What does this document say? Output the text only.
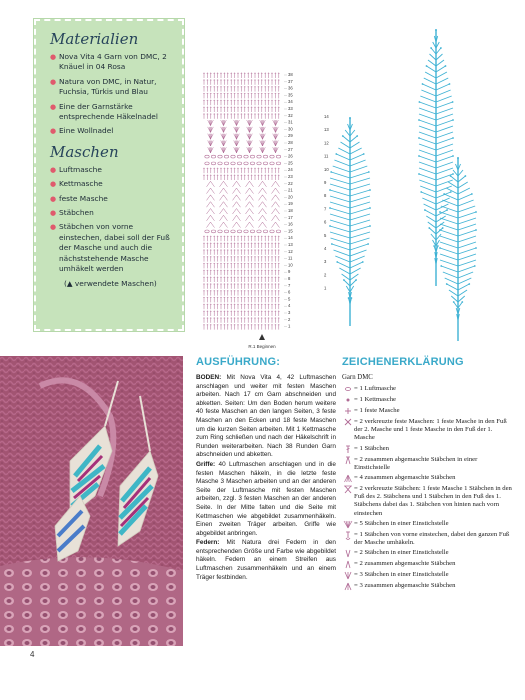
Materialien
● Nova Vita 4 Garn von DMC, 2 Knäuel in 04 Rosa
● Natura von DMC, in Natur, Fuchsia, Türkis und Blau
● Eine der Garnstärke entsprechende Häkelnadel
● Eine Wollnadel
Maschen
● Luftmasche
● Kettmasche
● feste Masche
● Stäbchen
● Stäbchen von vorne einstechen, dabei soll der Fuß der Masche und auch die nächststehende Masche umhäkelt werden
(▲ verwendete Maschen)
38
37
36
35
34
33
32
31
30
29
28
27
26
25
24
23
22
21
20
19
18
17
16
15
14
13
12
11
10
9
8
7
6
5
4
3
2
1
R.1 Beginnen
14
13
12
11
10
9
8
7
6
5
4
3
2
1
AUSFÜHRUNG:

BODEN: Mit Nova Vita 4, 42 Luftmaschen anschlagen und weiter mit festen Maschen arbeiten. Nach 17 cm Garn abschneiden und abketten. Seiten: Um den Boden herum weitere 40 feste Maschen an den langen Seiten, 3 feste Maschen an den Ecken und 18 feste Maschen um die kurzen Seiten arbeiten. Mit 1 Kettmasche zum Ring schließen und nach der Häkelschrift in Runden weiterarbeiten. Nach 38 Runden Garn abschneiden und abketten.

Griffe: 40 Luftmaschen anschlagen und in die festen Maschen häkeln, in die letzte feste Masche 3 Maschen arbeiten und an der anderen Seite der Luftmasche mit festen Maschen arbeiten, zzgl. 3 festen Maschen an der anderen Seite. In der Mitte falten und die Seite mit Kettmaschen wie abgebildet zusammenhäkeln. Einen zweiten Träger arbeiten. Griffe wie abgebildet anbringen.

Federn: Mit Natura drei Federn in den entsprechenden Größe und Farbe wie abgebildet häkeln. Federn an einem Streifen aus Luftmaschen zusammenhäkeln und an einem Träger festbinden.

ZEICHENERKLÄRUNG
Garn DMC
= 1 Luftmasche
= 1 Kettmasche
= 1 feste Masche
= 2 verkreuzte feste Maschen: 1 feste Masche in den Fuß der 2. Masche und 1 feste Masche in den Fuß der 1. Masche
= 1 Stäbchen
= 2 zusammen abgemaschte Stäbchen in einer Einstichstelle
= 4 zusammen abgemaschte Stäbchen
= 2 verkreuzte Stäbchen: 1 feste Masche 1 Stäbchen in den Fuß des 2. Stäbchens und 1 Stäbchen in den Fuß des 1. Stäbchens dabei das 1. Stäbchen von hinten nach vorn einstechen
= 5 Stäbchen in einer Einstichstelle
= 1 Stäbchen von vorne einstechen, dabei den ganzen Fuß der Masche umhäkeln.
= 2 Stäbchen in einer Einstichstelle
= 2 zusammen abgemaschte Stäbchen
= 3 Stäbchen in einer Einstichstelle
= 3 zusammen abgemaschte Stäbchen
4
